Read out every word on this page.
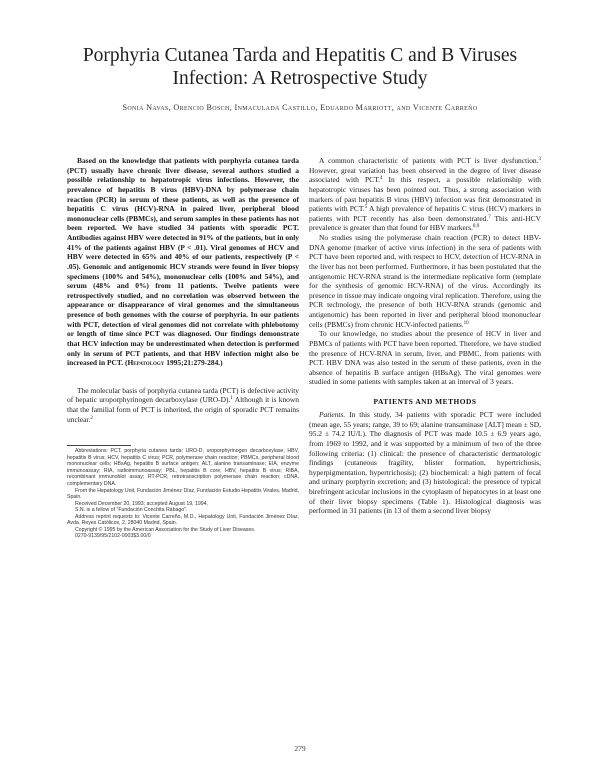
Porphyria Cutanea Tarda and Hepatitis C and B Viruses
Infection: A Retrospective Study
Sonia Navas, Orencio Bosch, Inmaculada Castillo, Eduardo Marriott, and Vicente Carreño

Based on the knowledge that patients with porphyria cutanea tarda (PCT) usually have chronic liver disease, several authors studied a possible relationship to hepatotropic virus infections. However, the prevalence of hepatitis B virus (HBV)-DNA by polymerase chain reaction (PCR) in serum of these patients, as well as the presence of hepatitis C virus (HCV)-RNA in paired liver, peripheral blood mononuclear cells (PBMCs), and serum samples in these patients has not been reported. We have studied 34 patients with sporadic PCT. Antibodies against HBV were detected in 91% of the patients, but in only 41% of the patients against HBV (P < .01). Viral genomes of HCV and HBV were detected in 65% and 40% of our patients, respectively (P < .05). Genomic and antigenomic HCV strands were found in liver biopsy specimens (100% and 54%), mononuclear cells (100% and 54%), and serum (48% and 0%) from 11 patients. Twelve patients were retrospectively studied, and no correlation was observed between the appearance or disappearance of viral genomes and the simultaneous presence of both genomes with the course of porphyria. In our patients with PCT, detection of viral genomes did not correlate with phlebotomy or length of time since PCT was diagnosed. Our findings demonstrate that HCV infection may be underestimated when detection is performed only in serum of PCT patients, and that HBV infection might also be increased in PCT. (Hepatology 1995;21:279-284.)

The molecular basis of porphyria cutanea tarda (PCT) is defective activity of hepatic uroporphyrinogen decarboxylase (URO-D).$^1$ Although it is known that the familial form of PCT is inherited, the origin of sporadic PCT remains unclear.$^2$

Abbreviations: PCT, porphyria cutanea tarda; URO-D, uroporphyrinogen decarboxylase; HBV, hepatitis B virus; HCV, hepatitis C virus; PCR, polymerase chain reaction; PBMCs, peripheral blood mononuclear cells; HBsAg, hepatitis B surface antigen; ALT, alanine transaminase; EIA, enzyme immunoassay; RIA, radioimmunoassay; PBL, hepatitis B core; HBV, hepatitis B virus; RIBA, recombinant immunoblot assay; RT-PCR, retrotranscription polymerase chain reaction; cDNA, complementary DNA.

From the Hepatology Unit, Fundación Jiménez Díaz, Fundación Estudio Hepatitis Virales, Madrid, Spain.

Received December 20, 1993; accepted August 19, 1994.

S.N. is a fellow of "Fundación Conchita Rábago".

Address reprint requests to: Vicente Carreño, M.D., Hepatology Unit, Fundación Jiménez Díaz, Avda. Reyes Católicos, 2, 28040 Madrid, Spain.

Copyright © 1995 by the American Association for the Study of Liver Diseases.

0270-9139/95/2102-0003$3.00/0

A common characteristic of patients with PCT is liver dysfunction.$^3$ However, great variation has been observed in the degree of liver disease associated with PCT.$^4$ In this respect, a possible relationship with hepatotropic viruses has been pointed out. Thus, a strong association with markers of past hepatitis B virus (HBV) infection was first demonstrated in patients with PCT.$^5$ A high prevalence of hepatitis C virus (HCV) markers in patients with PCT recently has also been demonstrated.$^7$ This anti-HCV prevalence is greater than that found for HBV markers.$^{8,9}$

No studies using the polymerase chain reaction (PCR) to detect HBV-DNA genome (marker of active virus infection) in the sera of patients with PCT have been reported and, with respect to HCV, detection of HCV-RNA in the liver has not been performed. Furthermore, it has been postulated that the antigenomic HCV-RNA strand is the intermediate replicative form (template for the synthesis of genomic HCV-RNA) of the virus. Accordingly its presence in tissue may indicate ongoing viral replication. Therefore, using the PCR technology, the presence of both HCV-RNA strands (genomic and antigenomic) has been reported in liver and peripheral blood mononuclear cells (PBMCs) from chronic HCV-infected patients.$^{10}$

To our knowledge, no studies about the presence of HCV in liver and PBMCs of patients with PCT have been reported. Therefore, we have studied the presence of HCV-RNA in serum, liver, and PBMC, from patients with PCT. HBV DNA was also tested in the serum of these patients, even in the absence of hepatitis B surface antigen (HBsAg). The viral genomes were studied in some patients with samples taken at an interval of 3 years.

PATIENTS AND METHODS

Patients. In this study, 34 patients with sporadic PCT were included (mean age, 55 years; range, 39 to 69; alanine transaminase [ALT] mean ± SD, 95.2 ± 74.2 IU/L). The diagnosis of PCT was made 10.5 ± 6.9 years ago, from 1969 to 1992, and it was supported by a minimum of two of the three following criteria: (1) clinical: the presence of characteristic dermatologic findings (cutaneous fragility, blister formation, hypertrichosis, hyperpigmentation, hypertrichosis); (2) biochemical: a high pattern of fecal and urinary porphyrin excretion; and (3) histological: the presence of typical birefringent acicular inclusions in the cytoplasm of hepatocytes in at least one of their liver biopsy specimens (Table 1). Histological diagnosis was performed in 31 patients (in 13 of them a second liver biopsy

279
